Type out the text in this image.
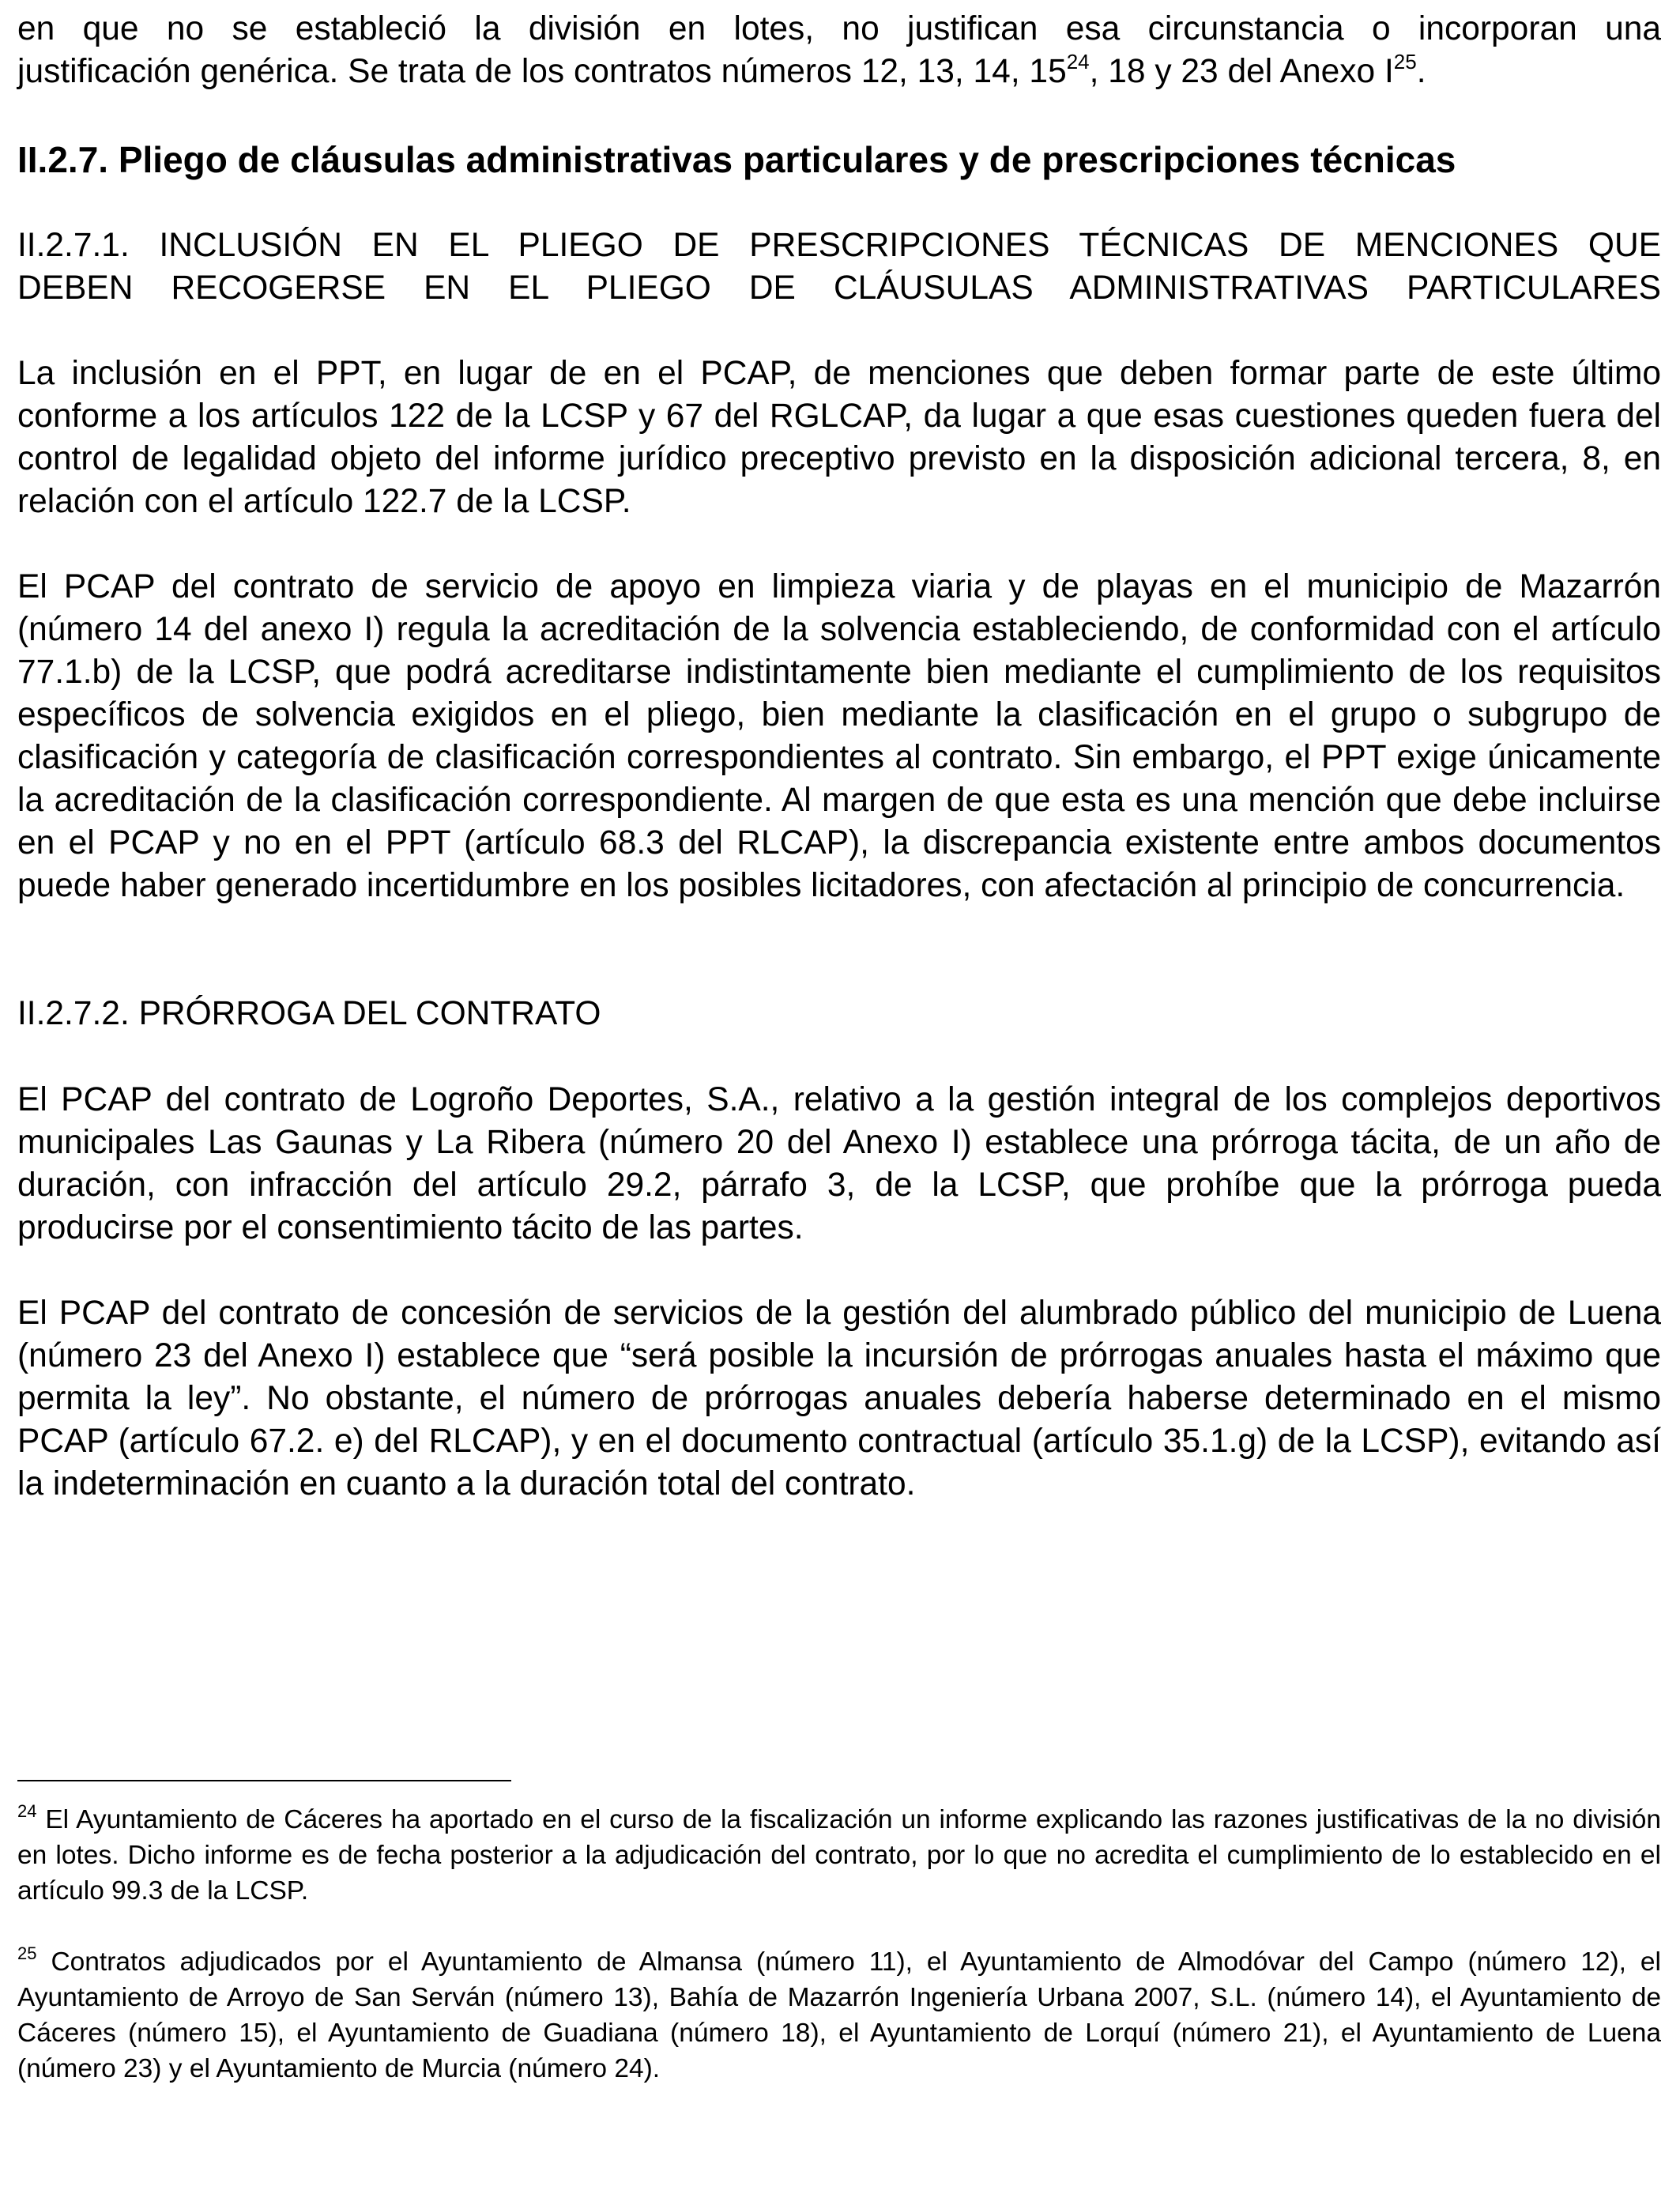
en que no se estableció la división en lotes, no justifican esa circunstancia o incorporan una
justificación genérica. Se trata de los contratos números 12, 13, 14, $15^{24}$, 18 y 23 del Anexo $I^{25}$.

II.2.7. Pliego de cláusulas administrativas particulares y de prescripciones técnicas
II.2.7.1. INCLUSIÓN EN EL PLIEGO DE PRESCRIPCIONES TÉCNICAS DE MENCIONES QUE
DEBEN RECOGERSE EN EL PLIEGO DE CLÁUSULAS ADMINISTRATIVAS PARTICULARES

La inclusión en el PPT, en lugar de en el PCAP, de menciones que deben formar parte de este último conforme a los artículos 122 de la LCSP y 67 del RGLCAP, da lugar a que esas cuestiones queden fuera del control de legalidad objeto del informe jurídico preceptivo previsto en la disposición adicional tercera, 8, en relación con el artículo 122.7 de la LCSP.

El PCAP del contrato de servicio de apoyo en limpieza viaria y de playas en el municipio de Mazarrón (número 14 del anexo I) regula la acreditación de la solvencia estableciendo, de conformidad con el artículo 77.1.b) de la LCSP, que podrá acreditarse indistintamente bien mediante el cumplimiento de los requisitos específicos de solvencia exigidos en el pliego, bien mediante la clasificación en el grupo o subgrupo de clasificación y categoría de clasificación correspondientes al contrato. Sin embargo, el PPT exige únicamente la acreditación de la clasificación correspondiente. Al margen de que esta es una mención que debe incluirse en el PCAP y no en el PPT (artículo 68.3 del RLCAP), la discrepancia existente entre ambos documentos puede haber generado incertidumbre en los posibles licitadores, con afectación al principio de concurrencia.

II.2.7.2. PRÓRROGA DEL CONTRATO

El PCAP del contrato de Logroño Deportes, S.A., relativo a la gestión integral de los complejos deportivos municipales Las Gaunas y La Ribera (número 20 del Anexo I) establece una prórroga tácita, de un año de duración, con infracción del artículo 29.2, párrafo 3, de la LCSP, que prohíbe que la prórroga pueda producirse por el consentimiento tácito de las partes.

El PCAP del contrato de concesión de servicios de la gestión del alumbrado público del municipio de Luena (número 23 del Anexo I) establece que “será posible la incursión de prórrogas anuales hasta el máximo que permita la ley”. No obstante, el número de prórrogas anuales debería haberse determinado en el mismo PCAP (artículo 67.2. e) del RLCAP), y en el documento contractual (artículo 35.1.g) de la LCSP), evitando así la indeterminación en cuanto a la duración total del contrato.

$^{24}$ El Ayuntamiento de Cáceres ha aportado en el curso de la fiscalización un informe explicando las razones justificativas de la no división en lotes. Dicho informe es de fecha posterior a la adjudicación del contrato, por lo que no acredita el cumplimiento de lo establecido en el artículo 99.3 de la LCSP.

$^{25}$ Contratos adjudicados por el Ayuntamiento de Almansa (número 11), el Ayuntamiento de Almodóvar del Campo (número 12), el Ayuntamiento de Arroyo de San Serván (número 13), Bahía de Mazarrón Ingeniería Urbana 2007, S.L. (número 14), el Ayuntamiento de Cáceres (número 15), el Ayuntamiento de Guadiana (número 18), el Ayuntamiento de Lorquí (número 21), el Ayuntamiento de Luena (número 23) y el Ayuntamiento de Murcia (número 24).
